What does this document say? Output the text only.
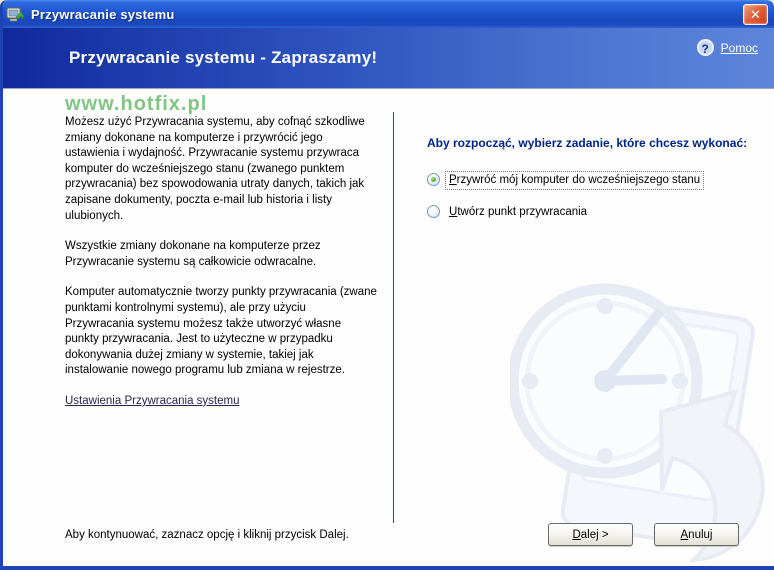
Przywracanie systemu	✕
Przywracanie systemu - Zapraszamy!	? Pomoc
www.hotfix.pl

Możesz użyć Przywracania systemu, aby cofnąć szkodliwe zmiany dokonane na komputerze i przywrócić jego ustawienia i wydajność. Przywracanie systemu przywraca komputer do wcześniejszego stanu (zwanego punktem przywracania) bez spowodowania utraty danych, takich jak zapisane dokumenty, poczta e-mail lub historia i listy ulubionych.

Wszystkie zmiany dokonane na komputerze przez Przywracanie systemu są całkowicie odwracalne.

Komputer automatycznie tworzy punkty przywracania (zwane punktami kontrolnymi systemu), ale przy użyciu Przywracania systemu możesz także utworzyć własne punkty przywracania. Jest to użyteczne w przypadku dokonywania dużej zmiany w systemie, takiej jak instalowanie nowego programu lub zmiana w rejestrze.

Ustawienia Przywracania systemu
Aby rozpocząć, wybierz zadanie, które chcesz wykonać:
Przywróć mój komputer do wcześniejszego stanu
Utwórz punkt przywracania
Aby kontynuować, zaznacz opcję i kliknij przycisk Dalej.	Dalej >	Anuluj
